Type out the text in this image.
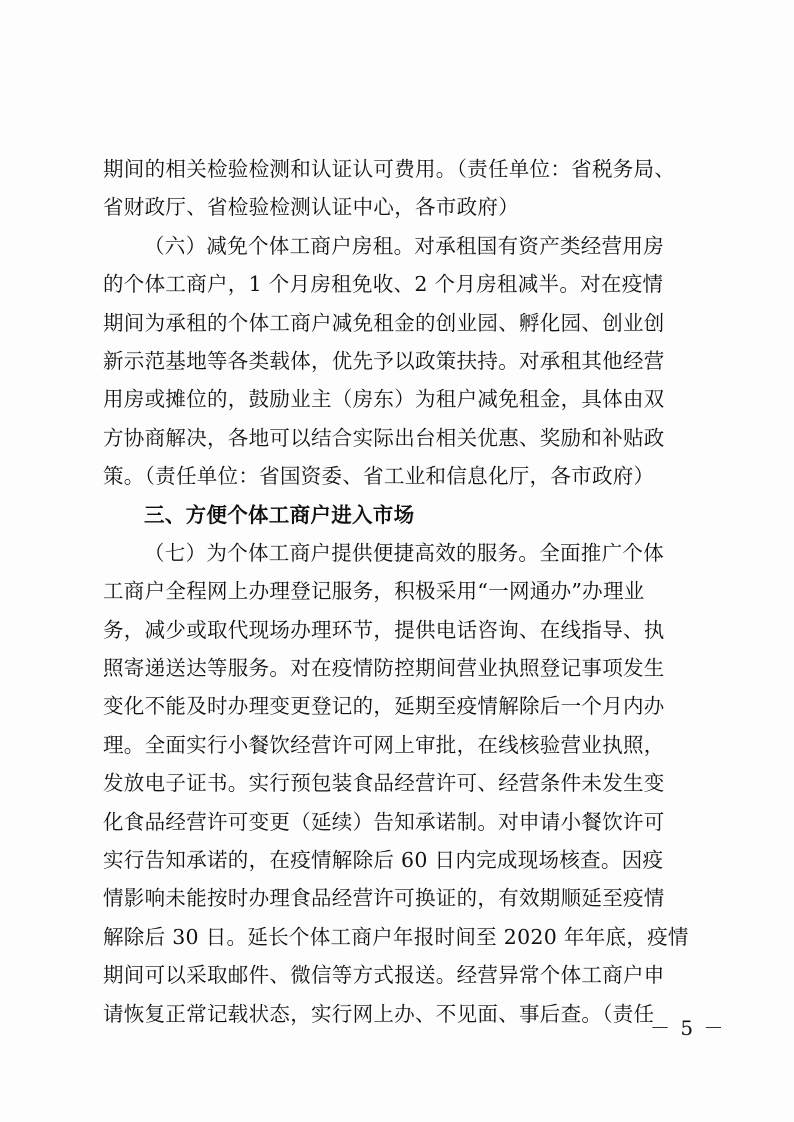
期间的相关检验检测和认证认可费用。（责任单位：省税务局、
省财政厅、省检验检测认证中心，各市政府）
（六）减免个体工商户房租。对承租国有资产类经营用房
的个体工商户，1 个月房租免收、2 个月房租减半。对在疫情
期间为承租的个体工商户减免租金的创业园、孵化园、创业创
新示范基地等各类载体，优先予以政策扶持。对承租其他经营
用房或摊位的，鼓励业主（房东）为租户减免租金，具体由双
方协商解决，各地可以结合实际出台相关优惠、奖励和补贴政
策。（责任单位：省国资委、省工业和信息化厅，各市政府）
三、方便个体工商户进入市场
（七）为个体工商户提供便捷高效的服务。全面推广个体
工商户全程网上办理登记服务，积极采用“一网通办”办理业
务，减少或取代现场办理环节，提供电话咨询、在线指导、执
照寄递送达等服务。对在疫情防控期间营业执照登记事项发生
变化不能及时办理变更登记的，延期至疫情解除后一个月内办
理。全面实行小餐饮经营许可网上审批，在线核验营业执照，
发放电子证书。实行预包装食品经营许可、经营条件未发生变
化食品经营许可变更（延续）告知承诺制。对申请小餐饮许可
实行告知承诺的，在疫情解除后 60 日内完成现场核查。因疫
情影响未能按时办理食品经营许可换证的，有效期顺延至疫情
解除后 30 日。延长个体工商户年报时间至 2020 年年底，疫情
期间可以采取邮件、微信等方式报送。经营异常个体工商户申
请恢复正常记载状态，实行网上办、不见面、事后查。（责任
－ 5 －
